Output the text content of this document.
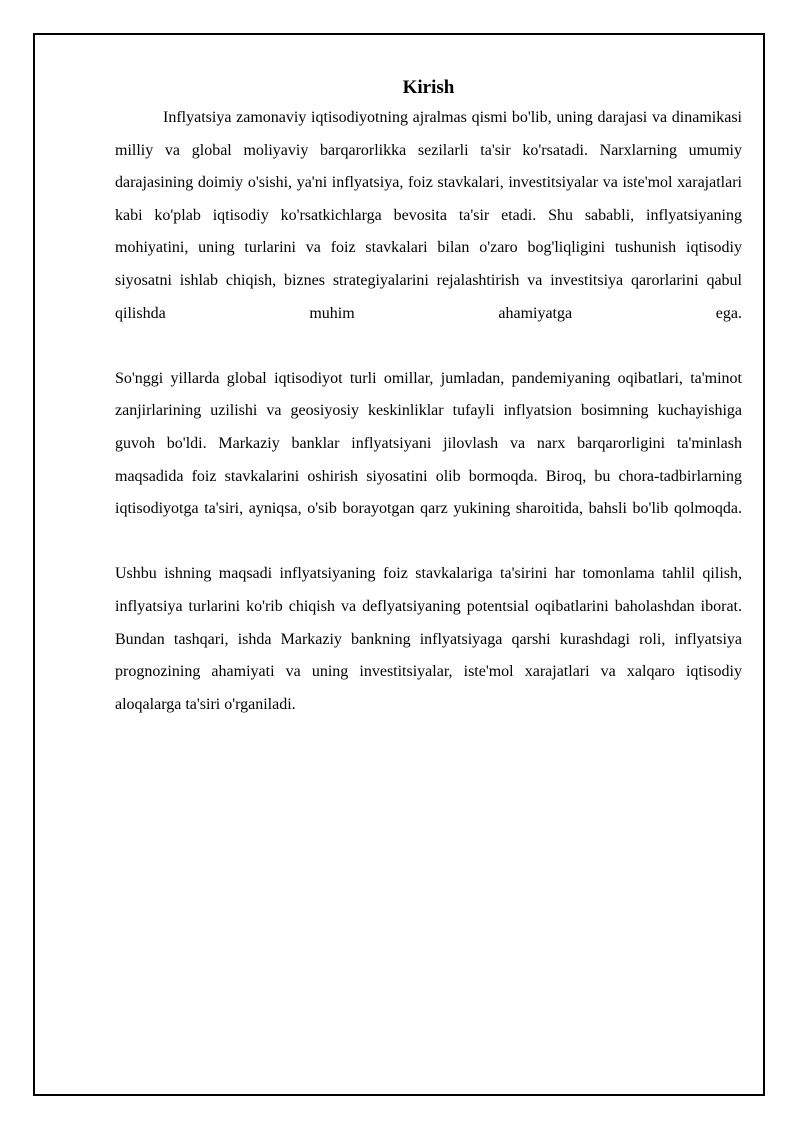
Kirish

Inflyatsiya zamonaviy iqtisodiyotning ajralmas qismi bo'lib, uning darajasi va dinamikasi milliy va global moliyaviy barqarorlikka sezilarli ta'sir ko'rsatadi. Narxlarning umumiy darajasining doimiy o'sishi, ya'ni inflyatsiya, foiz stavkalari, investitsiyalar va iste'mol xarajatlari kabi ko'plab iqtisodiy ko'rsatkichlarga bevosita ta'sir etadi. Shu sababli, inflyatsiyaning mohiyatini, uning turlarini va foiz stavkalari bilan o'zaro bog'liqligini tushunish iqtisodiy siyosatni ishlab chiqish, biznes strategiyalarini rejalashtirish va investitsiya qarorlarini qabul qilishda muhim ahamiyatga ega.

So'nggi yillarda global iqtisodiyot turli omillar, jumladan, pandemiyaning oqibatlari, ta'minot zanjirlarining uzilishi va geosiyosiy keskinliklar tufayli inflyatsion bosimning kuchayishiga guvoh bo'ldi. Markaziy banklar inflyatsiyani jilovlash va narx barqarorligini ta'minlash maqsadida foiz stavkalarini oshirish siyosatini olib bormoqda. Biroq, bu chora-tadbirlarning iqtisodiyotga ta'siri, ayniqsa, o'sib borayotgan qarz yukining sharoitida, bahsli bo'lib qolmoqda.

Ushbu ishning maqsadi inflyatsiyaning foiz stavkalariga ta'sirini har tomonlama tahlil qilish, inflyatsiya turlarini ko'rib chiqish va deflyatsiyaning potentsial oqibatlarini baholashdan iborat. Bundan tashqari, ishda Markaziy bankning inflyatsiyaga qarshi kurashdagi roli, inflyatsiya prognozining ahamiyati va uning investitsiyalar, iste'mol xarajatlari va xalqaro iqtisodiy aloqalarga ta'siri o'rganiladi.
